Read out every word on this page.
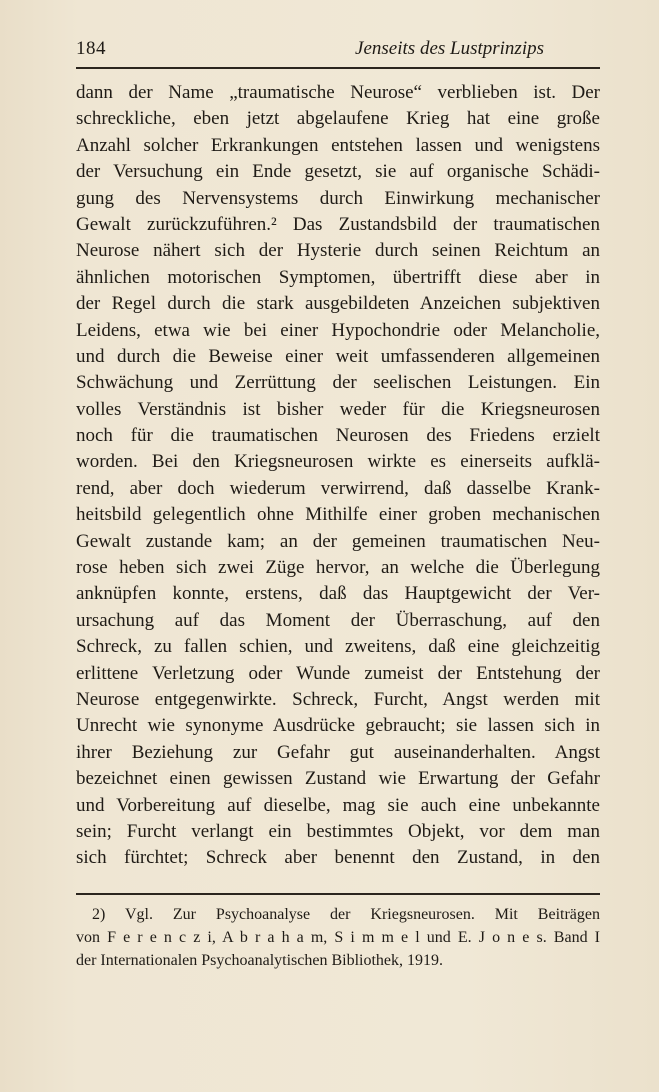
184	Jenseits des Lustprinzips
dann der Name „traumatische Neurose“ verblieben ist. Der
schreckliche, eben jetzt abgelaufene Krieg hat eine große
Anzahl solcher Erkrankungen entstehen lassen und wenigstens
der Versuchung ein Ende gesetzt, sie auf organische Schädi-
gung des Nervensystems durch Einwirkung mechanischer
Gewalt zurückzuführen.² Das Zustandsbild der traumatischen
Neurose nähert sich der Hysterie durch seinen Reichtum an
ähnlichen motorischen Symptomen, übertrifft diese aber in
der Regel durch die stark ausgebildeten Anzeichen subjektiven
Leidens, etwa wie bei einer Hypochondrie oder Melancholie,
und durch die Beweise einer weit umfassenderen allgemeinen
Schwächung und Zerrüttung der seelischen Leistungen. Ein
volles Verständnis ist bisher weder für die Kriegsneurosen
noch für die traumatischen Neurosen des Friedens erzielt
worden. Bei den Kriegsneurosen wirkte es einerseits aufklä-
rend, aber doch wiederum verwirrend, daß dasselbe Krank-
heitsbild gelegentlich ohne Mithilfe einer groben mechanischen
Gewalt zustande kam; an der gemeinen traumatischen Neu-
rose heben sich zwei Züge hervor, an welche die Überlegung
anknüpfen konnte, erstens, daß das Hauptgewicht der Ver-
ursachung auf das Moment der Überraschung, auf den
Schreck, zu fallen schien, und zweitens, daß eine gleichzeitig
erlittene Verletzung oder Wunde zumeist der Entstehung der
Neurose entgegenwirkte. Schreck, Furcht, Angst werden mit
Unrecht wie synonyme Ausdrücke gebraucht; sie lassen sich in
ihrer Beziehung zur Gefahr gut auseinanderhalten. Angst
bezeichnet einen gewissen Zustand wie Erwartung der Gefahr
und Vorbereitung auf dieselbe, mag sie auch eine unbekannte
sein; Furcht verlangt ein bestimmtes Objekt, vor dem man
sich fürchtet; Schreck aber benennt den Zustand, in den
2) Vgl. Zur Psychoanalyse der Kriegsneurosen. Mit Beiträgen
von F e r e n c z i, A b r a h a m, S i m m e l und E. J o n e s. Band I
der Internationalen Psychoanalytischen Bibliothek, 1919.
